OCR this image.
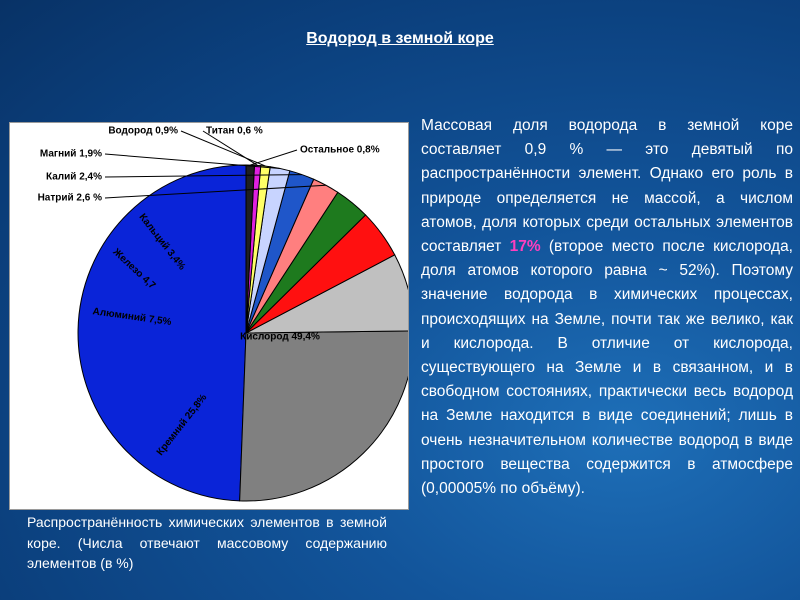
Водород в земной коре
Кислород 49,4%
Кремний 25,8%
Алюминий 7,5%
Железо 4,7
Кальций 3,4%
Натрий 2,6 %
Калий 2,4%
Магний 1,9%
Водород 0,9%	Титан 0,6 %
Остальное 0,8%
Массовая доля водорода в земной коре составляет 0,9 % — это девятый по распространённости элемент. Однако его роль в природе определяется не массой, а числом атомов, доля которых среди остальных элементов составляет 17% (второе место после кислорода, доля атомов которого равна ~ 52%). Поэтому значение водорода в химических процессах, происходящих на Земле, почти так же велико, как и кислорода. В отличие от кислорода, существующего на Земле и в связанном, и в свободном состояниях, практически весь водород на Земле находится в виде соединений; лишь в очень незначительном количестве водород в виде простого вещества содержится в атмосфере (0,00005% по объёму).
Распространённость химических элементов в земной коре. (Числа отвечают массовому содержанию элементов (в %)
